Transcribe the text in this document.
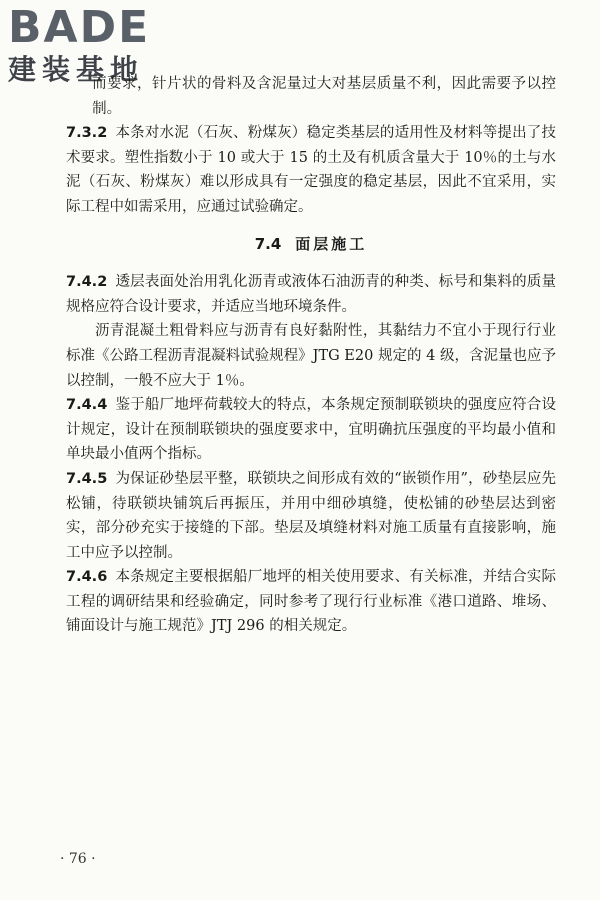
BADE
建装基地

而要求，针片状的骨料及含泥量过大对基层质量不利，因此需要予以控制。

7.3.2 本条对水泥（石灰、粉煤灰）稳定类基层的适用性及材料等提出了技术要求。塑性指数小于 10 或大于 15 的土及有机质含量大于 10％的土与水泥（石灰、粉煤灰）难以形成具有一定强度的稳定基层，因此不宜采用，实际工程中如需采用，应通过试验确定。

7.4 面层施工

7.4.2 透层表面处治用乳化沥青或液体石油沥青的种类、标号和集料的质量规格应符合设计要求，并适应当地环境条件。

沥青混凝土粗骨料应与沥青有良好黏附性，其黏结力不宜小于现行行业标准《公路工程沥青混凝料试验规程》JTG E20 规定的 4 级，含泥量也应予以控制，一般不应大于 1％。

7.4.4 鉴于船厂地坪荷载较大的特点，本条规定预制联锁块的强度应符合设计规定，设计在预制联锁块的强度要求中，宜明确抗压强度的平均最小值和单块最小值两个指标。

7.4.5 为保证砂垫层平整，联锁块之间形成有效的“嵌锁作用”，砂垫层应先松铺，待联锁块铺筑后再振压，并用中细砂填缝，使松铺的砂垫层达到密实，部分砂充实于接缝的下部。垫层及填缝材料对施工质量有直接影响，施工中应予以控制。

7.4.6 本条规定主要根据船厂地坪的相关使用要求、有关标准，并结合实际工程的调研结果和经验确定，同时参考了现行行业标准《港口道路、堆场、铺面设计与施工规范》JTJ 296 的相关规定。

· 76 ·
